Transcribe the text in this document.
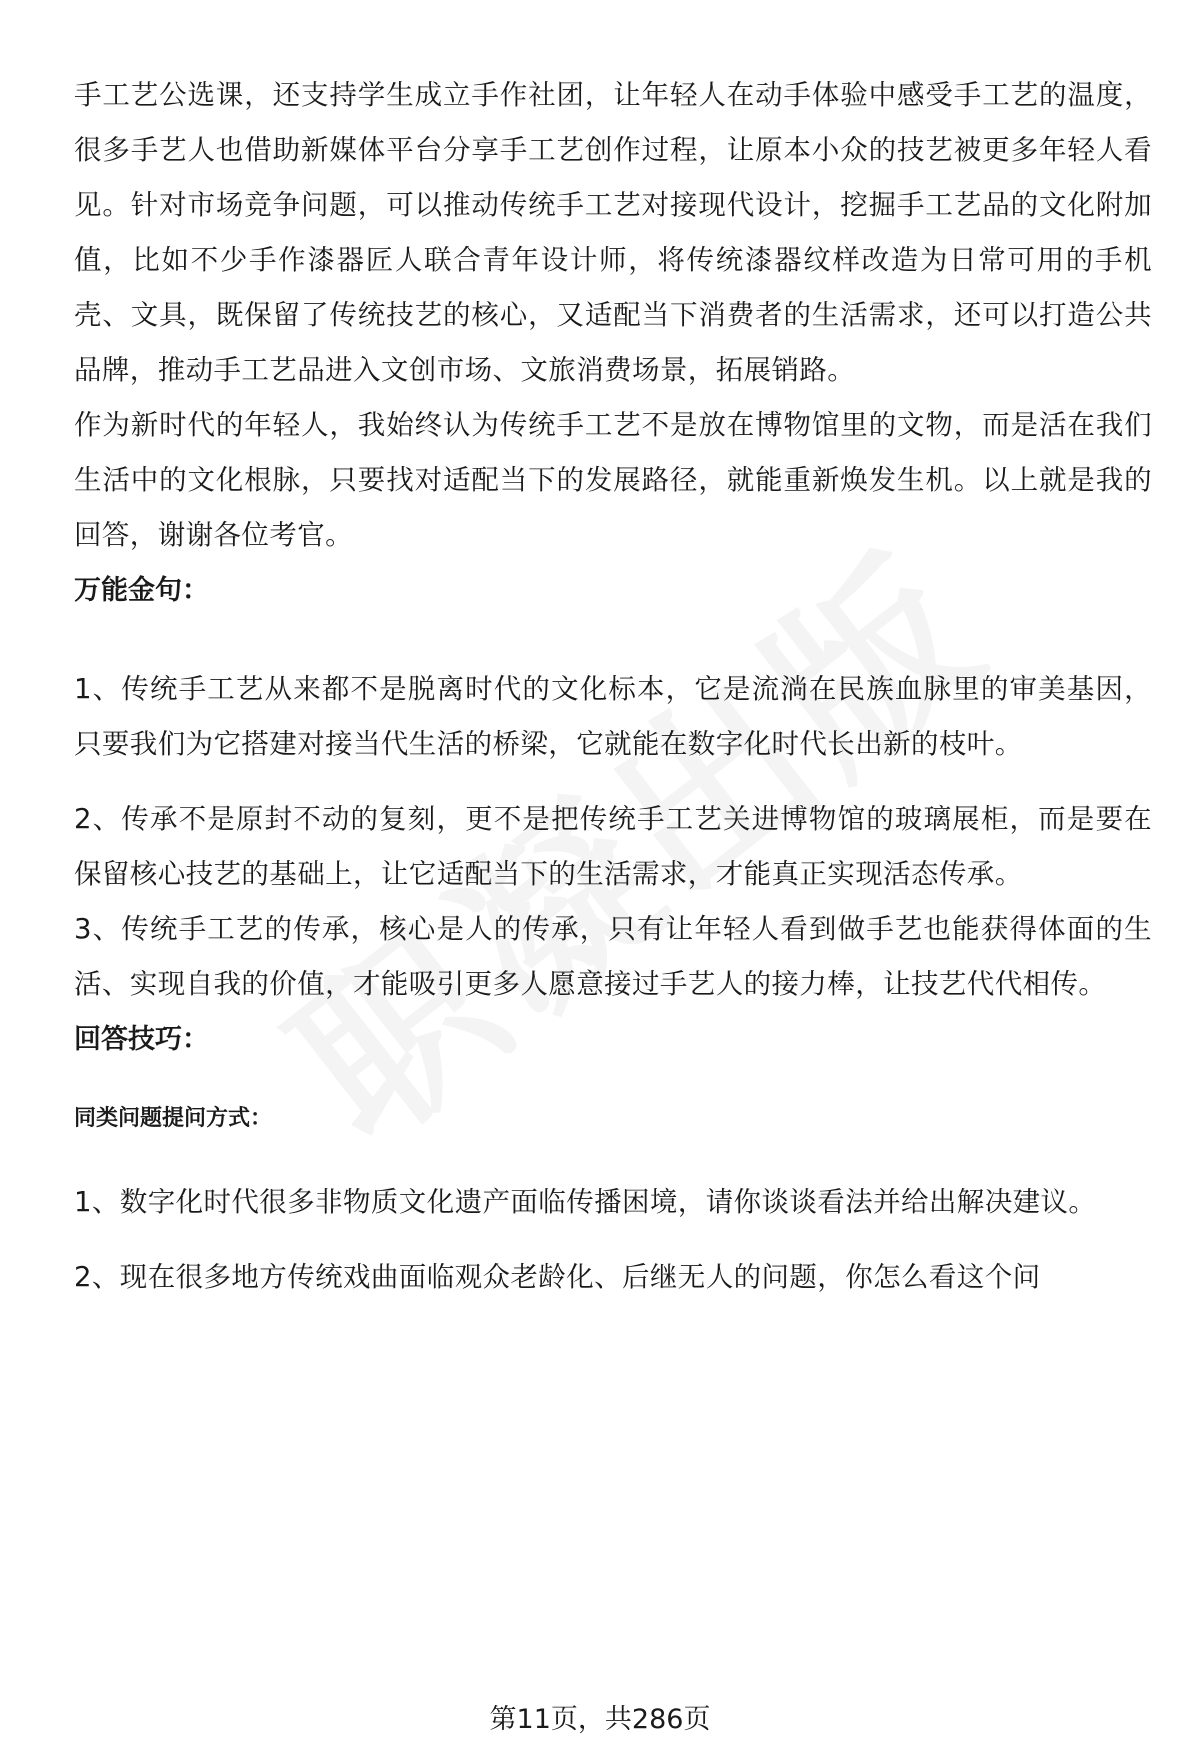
手工艺公选课，还支持学生成立手作社团，让年轻人在动手体验中感受手工艺的温度，很多手艺人也借助新媒体平台分享手工艺创作过程，让原本小众的技艺被更多年轻人看见。针对市场竞争问题，可以推动传统手工艺对接现代设计，挖掘手工艺品的文化附加值，比如不少手作漆器匠人联合青年设计师，将传统漆器纹样改造为日常可用的手机壳、文具，既保留了传统技艺的核心，又适配当下消费者的生活需求，还可以打造公共品牌，推动手工艺品进入文创市场、文旅消费场景，拓展销路。

作为新时代的年轻人，我始终认为传统手工艺不是放在博物馆里的文物，而是活在我们生活中的文化根脉，只要找对适配当下的发展路径，就能重新焕发生机。以上就是我的回答，谢谢各位考官。

万能金句：

1、传统手工艺从来都不是脱离时代的文化标本，它是流淌在民族血脉里的审美基因，只要我们为它搭建对接当代生活的桥梁，它就能在数字化时代长出新的枝叶。

2、传承不是原封不动的复刻，更不是把传统手工艺关进博物馆的玻璃展柜，而是要在保留核心技艺的基础上，让它适配当下的生活需求，才能真正实现活态传承。

3、传统手工艺的传承，核心是人的传承，只有让年轻人看到做手艺也能获得体面的生活、实现自我的价值，才能吸引更多人愿意接过手艺人的接力棒，让技艺代代相传。

回答技巧：
同类问题提问方式：

1、数字化时代很多非物质文化遗产面临传播困境，请你谈谈看法并给出解决建议。

2、现在很多地方传统戏曲面临观众老龄化、后继无人的问题，你怎么看这个问

第11页，共286页
